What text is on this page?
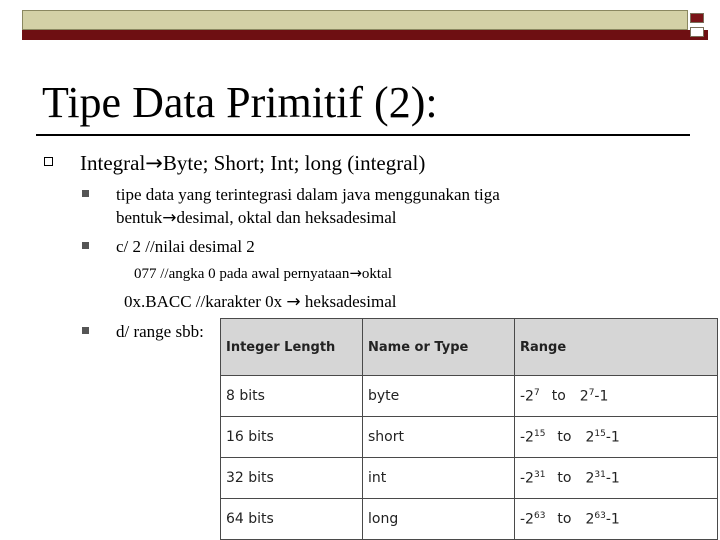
Tipe Data Primitif (2):
Integral→Byte; Short; Int; long (integral)
tipe data yang terintegrasi dalam java menggunakan tiga
bentuk→desimal, oktal dan heksadesimal
c/ 2 //nilai desimal 2
077 //angka 0 pada awal pernyataan→oktal
0x.BACC //karakter 0x → heksadesimal
d/ range sbb:
Integer Length	Name or Type	Range
8 bits	byte	$-2^7$ to $2^7-1$
16 bits	short	$-2^{15}$ to $2^{15}-1$
32 bits	int	$-2^{31}$ to $2^{31}-1$
64 bits	long	$-2^{63}$ to $2^{63}-1$
